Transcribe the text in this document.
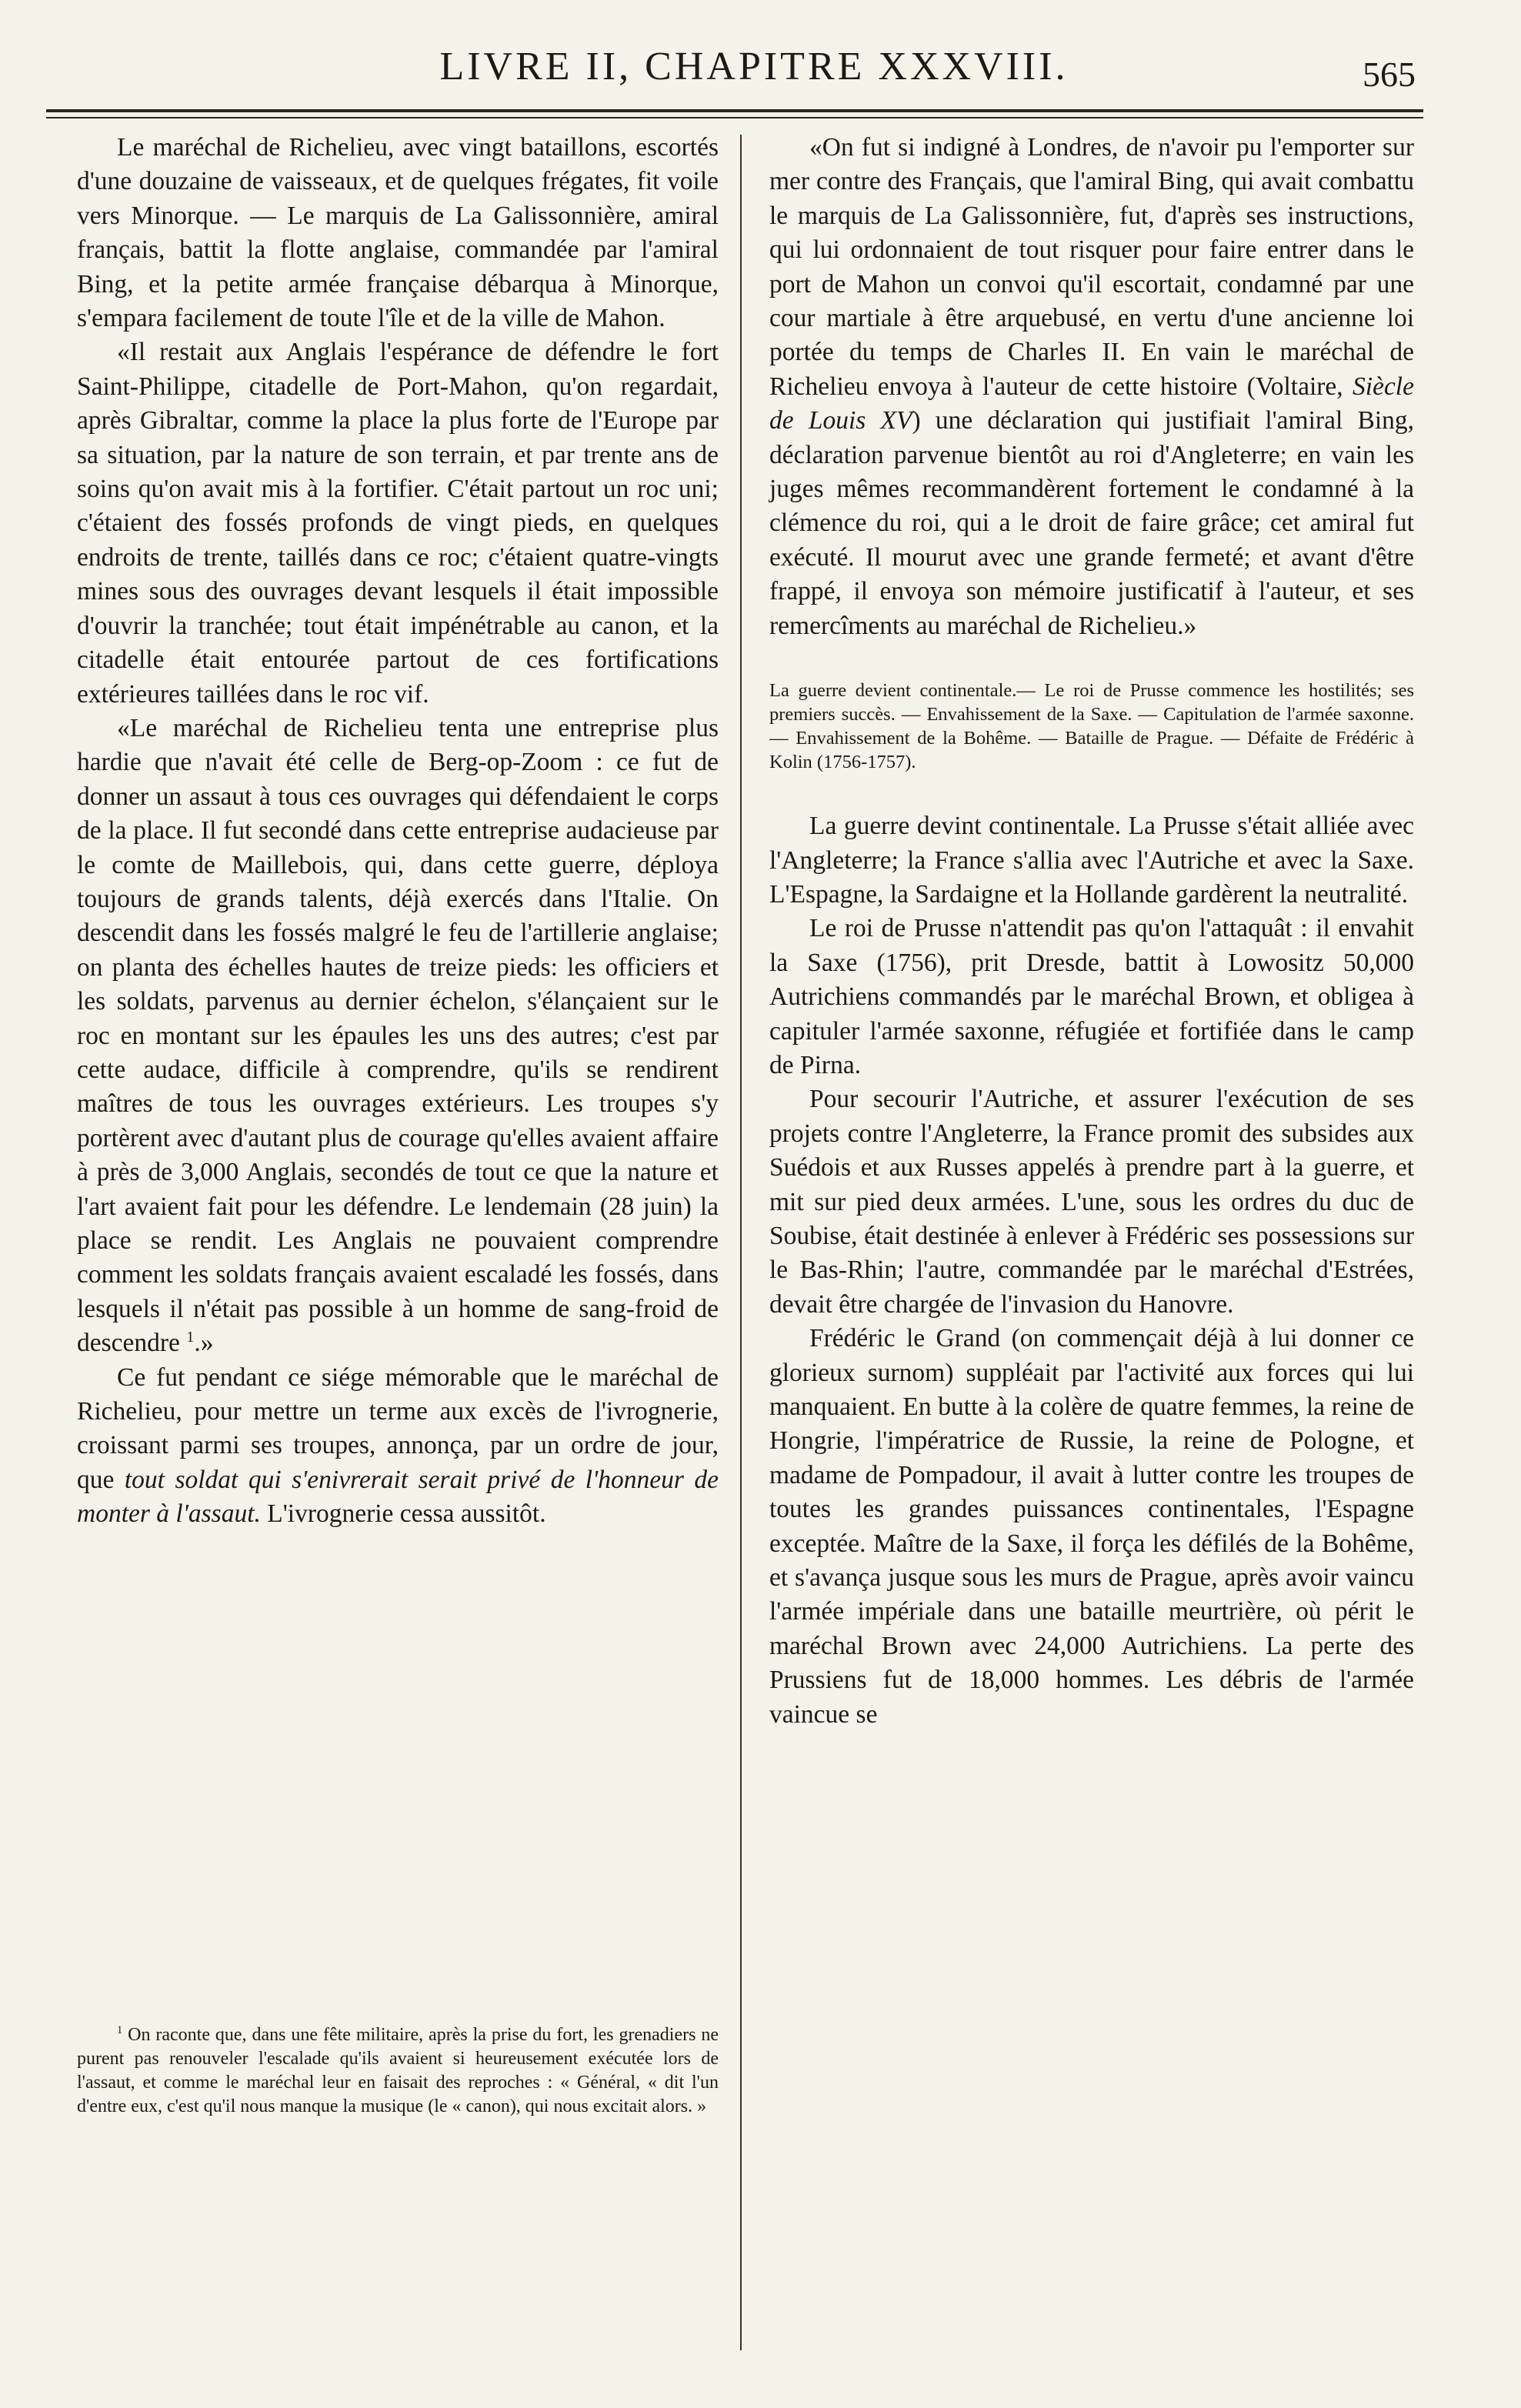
LIVRE II, CHAPITRE XXXVIII.	565

Le maréchal de Richelieu, avec vingt bataillons, escortés d'une douzaine de vaisseaux, et de quelques frégates, fit voile vers Minorque. — Le marquis de La Galissonnière, amiral français, battit la flotte anglaise, commandée par l'amiral Bing, et la petite armée française débarqua à Minorque, s'empara facilement de toute l'île et de la ville de Mahon.

«Il restait aux Anglais l'espérance de défendre le fort Saint-Philippe, citadelle de Port-Mahon, qu'on regardait, après Gibraltar, comme la place la plus forte de l'Europe par sa situation, par la nature de son terrain, et par trente ans de soins qu'on avait mis à la fortifier. C'était partout un roc uni; c'étaient des fossés profonds de vingt pieds, en quelques endroits de trente, taillés dans ce roc; c'étaient quatre-vingts mines sous des ouvrages devant lesquels il était impossible d'ouvrir la tranchée; tout était impénétrable au canon, et la citadelle était entourée partout de ces fortifications extérieures taillées dans le roc vif.

«Le maréchal de Richelieu tenta une entreprise plus hardie que n'avait été celle de Berg-op-Zoom : ce fut de donner un assaut à tous ces ouvrages qui défendaient le corps de la place. Il fut secondé dans cette entreprise audacieuse par le comte de Maillebois, qui, dans cette guerre, déploya toujours de grands talents, déjà exercés dans l'Italie. On descendit dans les fossés malgré le feu de l'artillerie anglaise; on planta des échelles hautes de treize pieds: les officiers et les soldats, parvenus au dernier échelon, s'élançaient sur le roc en montant sur les épaules les uns des autres; c'est par cette audace, difficile à comprendre, qu'ils se rendirent maîtres de tous les ouvrages extérieurs. Les troupes s'y portèrent avec d'autant plus de courage qu'elles avaient affaire à près de 3,000 Anglais, secondés de tout ce que la nature et l'art avaient fait pour les défendre. Le lendemain (28 juin) la place se rendit. Les Anglais ne pouvaient comprendre comment les soldats français avaient escaladé les fossés, dans lesquels il n'était pas possible à un homme de sang-froid de descendre $^1$.»

Ce fut pendant ce siége mémorable que le maréchal de Richelieu, pour mettre un terme aux excès de l'ivrognerie, croissant parmi ses troupes, annonça, par un ordre de jour, que tout soldat qui s'enivrerait serait privé de l'honneur de monter à l'assaut. L'ivrognerie cessa aussitôt.

$^1$ On raconte que, dans une fête militaire, après la prise du fort, les grenadiers ne purent pas renouveler l'escalade qu'ils avaient si heureusement exécutée lors de l'assaut, et comme le maréchal leur en faisait des reproches : « Général, « dit l'un d'entre eux, c'est qu'il nous manque la musique (le « canon), qui nous excitait alors. »

«On fut si indigné à Londres, de n'avoir pu l'emporter sur mer contre des Français, que l'amiral Bing, qui avait combattu le marquis de La Galissonnière, fut, d'après ses instructions, qui lui ordonnaient de tout risquer pour faire entrer dans le port de Mahon un convoi qu'il escortait, condamné par une cour martiale à être arquebusé, en vertu d'une ancienne loi portée du temps de Charles II. En vain le maréchal de Richelieu envoya à l'auteur de cette histoire (Voltaire, Siècle de Louis XV) une déclaration qui justifiait l'amiral Bing, déclaration parvenue bientôt au roi d'Angleterre; en vain les juges mêmes recommandèrent fortement le condamné à la clémence du roi, qui a le droit de faire grâce; cet amiral fut exécuté. Il mourut avec une grande fermeté; et avant d'être frappé, il envoya son mémoire justificatif à l'auteur, et ses remercîments au maréchal de Richelieu.»

La guerre devient continentale.— Le roi de Prusse commence les hostilités; ses premiers succès. — Envahissement de la Saxe. — Capitulation de l'armée saxonne. — Envahissement de la Bohême. — Bataille de Prague. — Défaite de Frédéric à Kolin (1756-1757).

La guerre devint continentale. La Prusse s'était alliée avec l'Angleterre; la France s'allia avec l'Autriche et avec la Saxe. L'Espagne, la Sardaigne et la Hollande gardèrent la neutralité.

Le roi de Prusse n'attendit pas qu'on l'attaquât : il envahit la Saxe (1756), prit Dresde, battit à Lowositz 50,000 Autrichiens commandés par le maréchal Brown, et obligea à capituler l'armée saxonne, réfugiée et fortifiée dans le camp de Pirna.

Pour secourir l'Autriche, et assurer l'exécution de ses projets contre l'Angleterre, la France promit des subsides aux Suédois et aux Russes appelés à prendre part à la guerre, et mit sur pied deux armées. L'une, sous les ordres du duc de Soubise, était destinée à enlever à Frédéric ses possessions sur le Bas-Rhin; l'autre, commandée par le maréchal d'Estrées, devait être chargée de l'invasion du Hanovre.

Frédéric le Grand (on commençait déjà à lui donner ce glorieux surnom) suppléait par l'activité aux forces qui lui manquaient. En butte à la colère de quatre femmes, la reine de Hongrie, l'impératrice de Russie, la reine de Pologne, et madame de Pompadour, il avait à lutter contre les troupes de toutes les grandes puissances continentales, l'Espagne exceptée. Maître de la Saxe, il força les défilés de la Bohême, et s'avança jusque sous les murs de Prague, après avoir vaincu l'armée impériale dans une bataille meurtrière, où périt le maréchal Brown avec 24,000 Autrichiens. La perte des Prussiens fut de 18,000 hommes. Les débris de l'armée vaincue se
